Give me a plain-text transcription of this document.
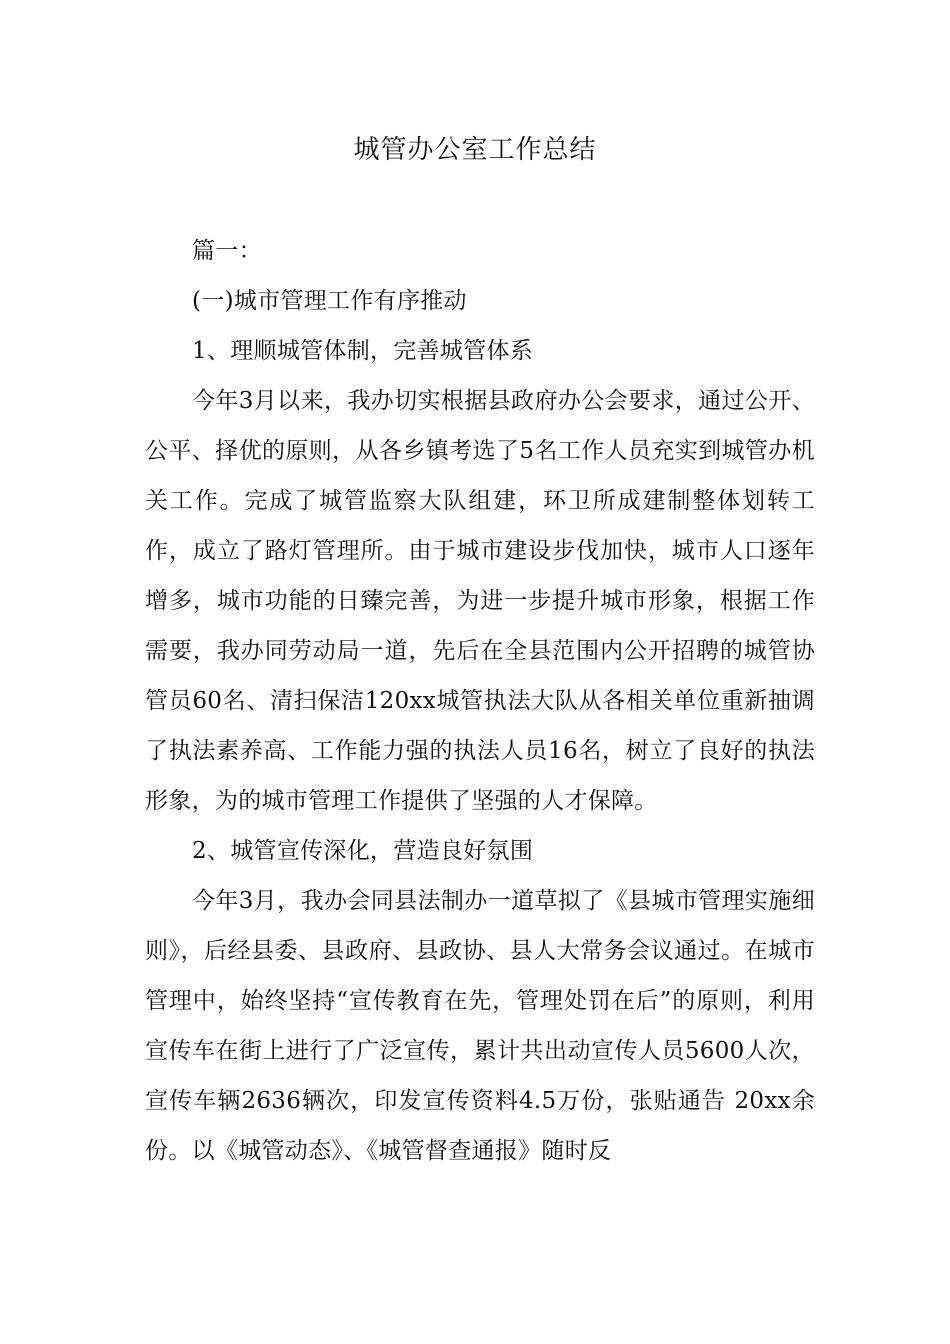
城管办公室工作总结

篇一：

(一)城市管理工作有序推动

1、理顺城管体制，完善城管体系

今年3月以来，我办切实根据县政府办公会要求，通过公开、公平、择优的原则，从各乡镇考选了5名工作人员充实到城管办机关工作。完成了城管监察大队组建，环卫所成建制整体划转工作，成立了路灯管理所。由于城市建设步伐加快，城市人口逐年增多，城市功能的日臻完善，为进一步提升城市形象，根据工作需要，我办同劳动局一道，先后在全县范围内公开招聘的城管协管员60名、清扫保洁120xx城管执法大队从各相关单位重新抽调了执法素养高、工作能力强的执法人员16名，树立了良好的执法形象，为的城市管理工作提供了坚强的人才保障。

2、城管宣传深化，营造良好氛围

今年3月，我办会同县法制办一道草拟了《县城市管理实施细则》，后经县委、县政府、县政协、县人大常务会议通过。在城市管理中，始终坚持“宣传教育在先，管理处罚在后”的原则，利用宣传车在街上进行了广泛宣传，累计共出动宣传人员5600人次，宣传车辆2636辆次，印发宣传资料4.5万份，张贴通告 20xx余份。以《城管动态》、《城管督查通报》随时反
